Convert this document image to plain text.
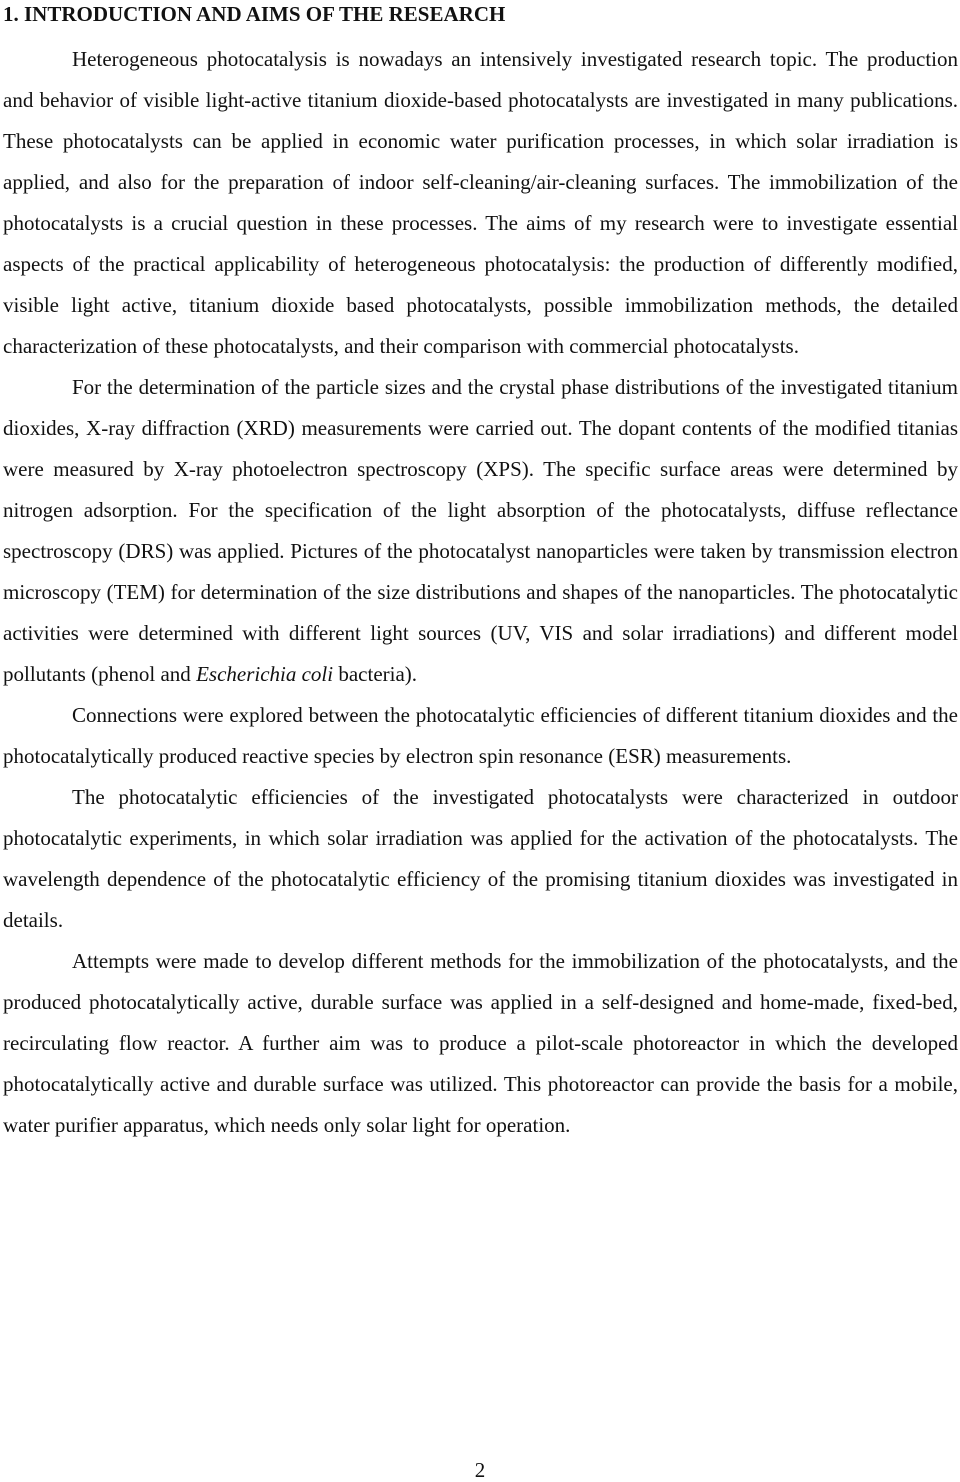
1. INTRODUCTION AND AIMS OF THE RESEARCH

Heterogeneous photocatalysis is nowadays an intensively investigated research topic. The production and behavior of visible light-active titanium dioxide-based photocatalysts are investigated in many publications. These photocatalysts can be applied in economic water purification processes, in which solar irradiation is applied, and also for the preparation of indoor self-cleaning/air-cleaning surfaces. The immobilization of the photocatalysts is a crucial question in these processes. The aims of my research were to investigate essential aspects of the practical applicability of heterogeneous photocatalysis: the production of differently modified, visible light active, titanium dioxide based photocatalysts, possible immobilization methods, the detailed characterization of these photocatalysts, and their comparison with commercial photocatalysts.

For the determination of the particle sizes and the crystal phase distributions of the investigated titanium dioxides, X-ray diffraction (XRD) measurements were carried out. The dopant contents of the modified titanias were measured by X-ray photoelectron spectroscopy (XPS). The specific surface areas were determined by nitrogen adsorption. For the specification of the light absorption of the photocatalysts, diffuse reflectance spectroscopy (DRS) was applied. Pictures of the photocatalyst nanoparticles were taken by transmission electron microscopy (TEM) for determination of the size distributions and shapes of the nanoparticles. The photocatalytic activities were determined with different light sources (UV, VIS and solar irradiations) and different model pollutants (phenol and Escherichia coli bacteria).

Connections were explored between the photocatalytic efficiencies of different titanium dioxides and the photocatalytically produced reactive species by electron spin resonance (ESR) measurements.

The photocatalytic efficiencies of the investigated photocatalysts were characterized in outdoor photocatalytic experiments, in which solar irradiation was applied for the activation of the photocatalysts. The wavelength dependence of the photocatalytic efficiency of the promising titanium dioxides was investigated in details.

Attempts were made to develop different methods for the immobilization of the photocatalysts, and the produced photocatalytically active, durable surface was applied in a self-designed and home-made, fixed-bed, recirculating flow reactor. A further aim was to produce a pilot-scale photoreactor in which the developed photocatalytically active and durable surface was utilized. This photoreactor can provide the basis for a mobile, water purifier apparatus, which needs only solar light for operation.

2
